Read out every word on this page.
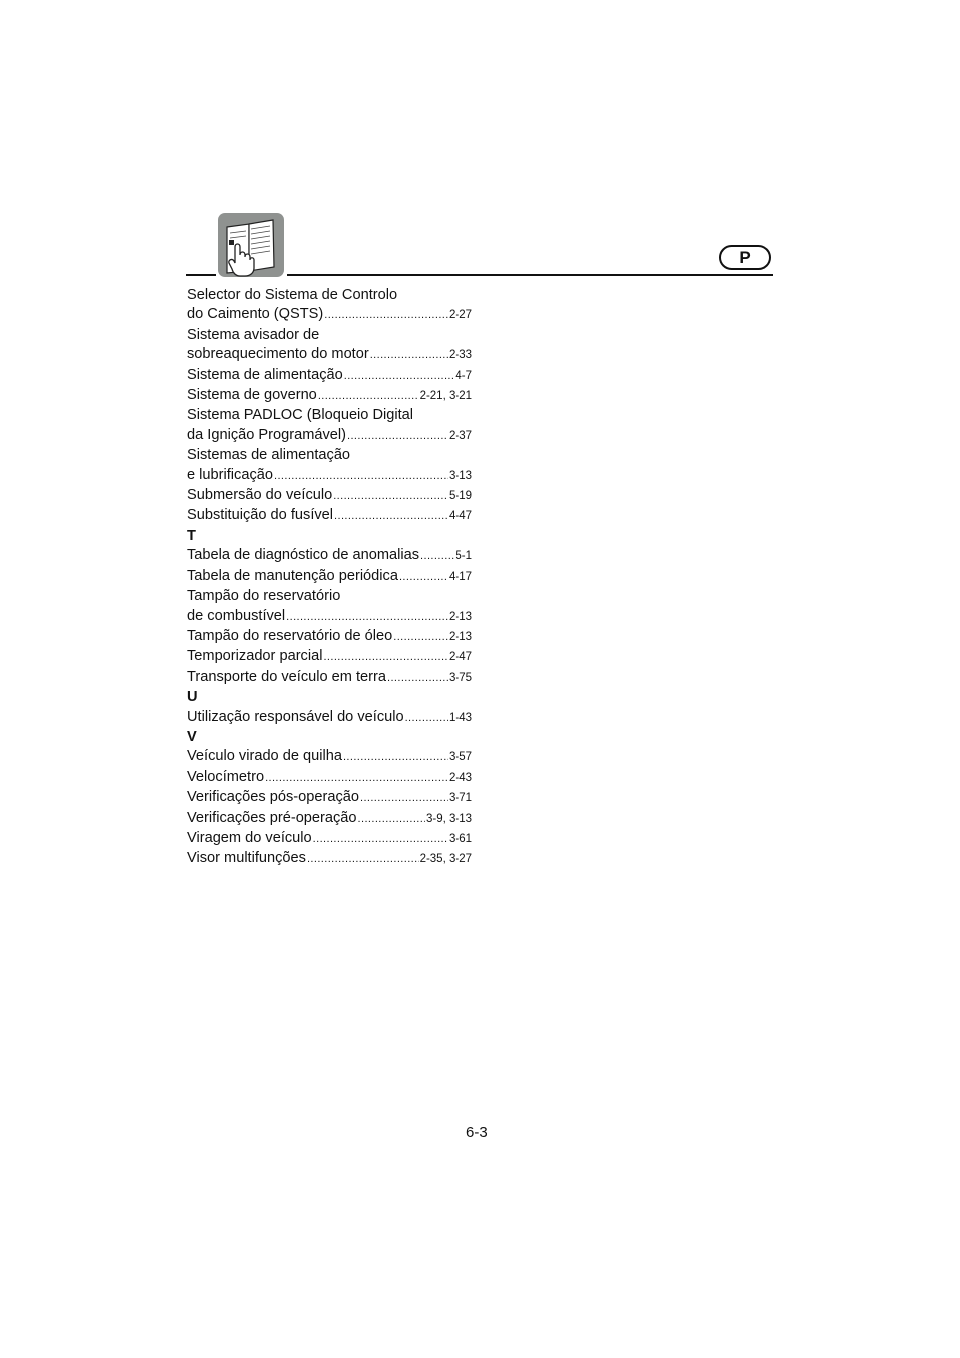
P
Selector do Sistema de Controlo
do Caimento (QSTS) .....	2-27
Sistema avisador de
sobreaquecimento do motor .....	2-33
Sistema de alimentação .....	4-7
Sistema de governo .....	2-21, 3-21
Sistema PADLOC (Bloqueio Digital
da Ignição Programável) .....	2-37
Sistemas de alimentação
e lubrificação .....	3-13
Submersão do veículo .....	5-19
Substituição do fusível .....	4-47
T
Tabela de diagnóstico de anomalias .....	5-1
Tabela de manutenção periódica .....	4-17
Tampão do reservatório
de combustível .....	2-13
Tampão do reservatório de óleo .....	2-13
Temporizador parcial .....	2-47
Transporte do veículo em terra .....	3-75
U
Utilização responsável do veículo .....	1-43
V
Veículo virado de quilha .....	3-57
Velocímetro .....	2-43
Verificações pós-operação .....	3-71
Verificações pré-operação .....	3-9, 3-13
Viragem do veículo .....	3-61
Visor multifunções .....	2-35, 3-27
6-3
